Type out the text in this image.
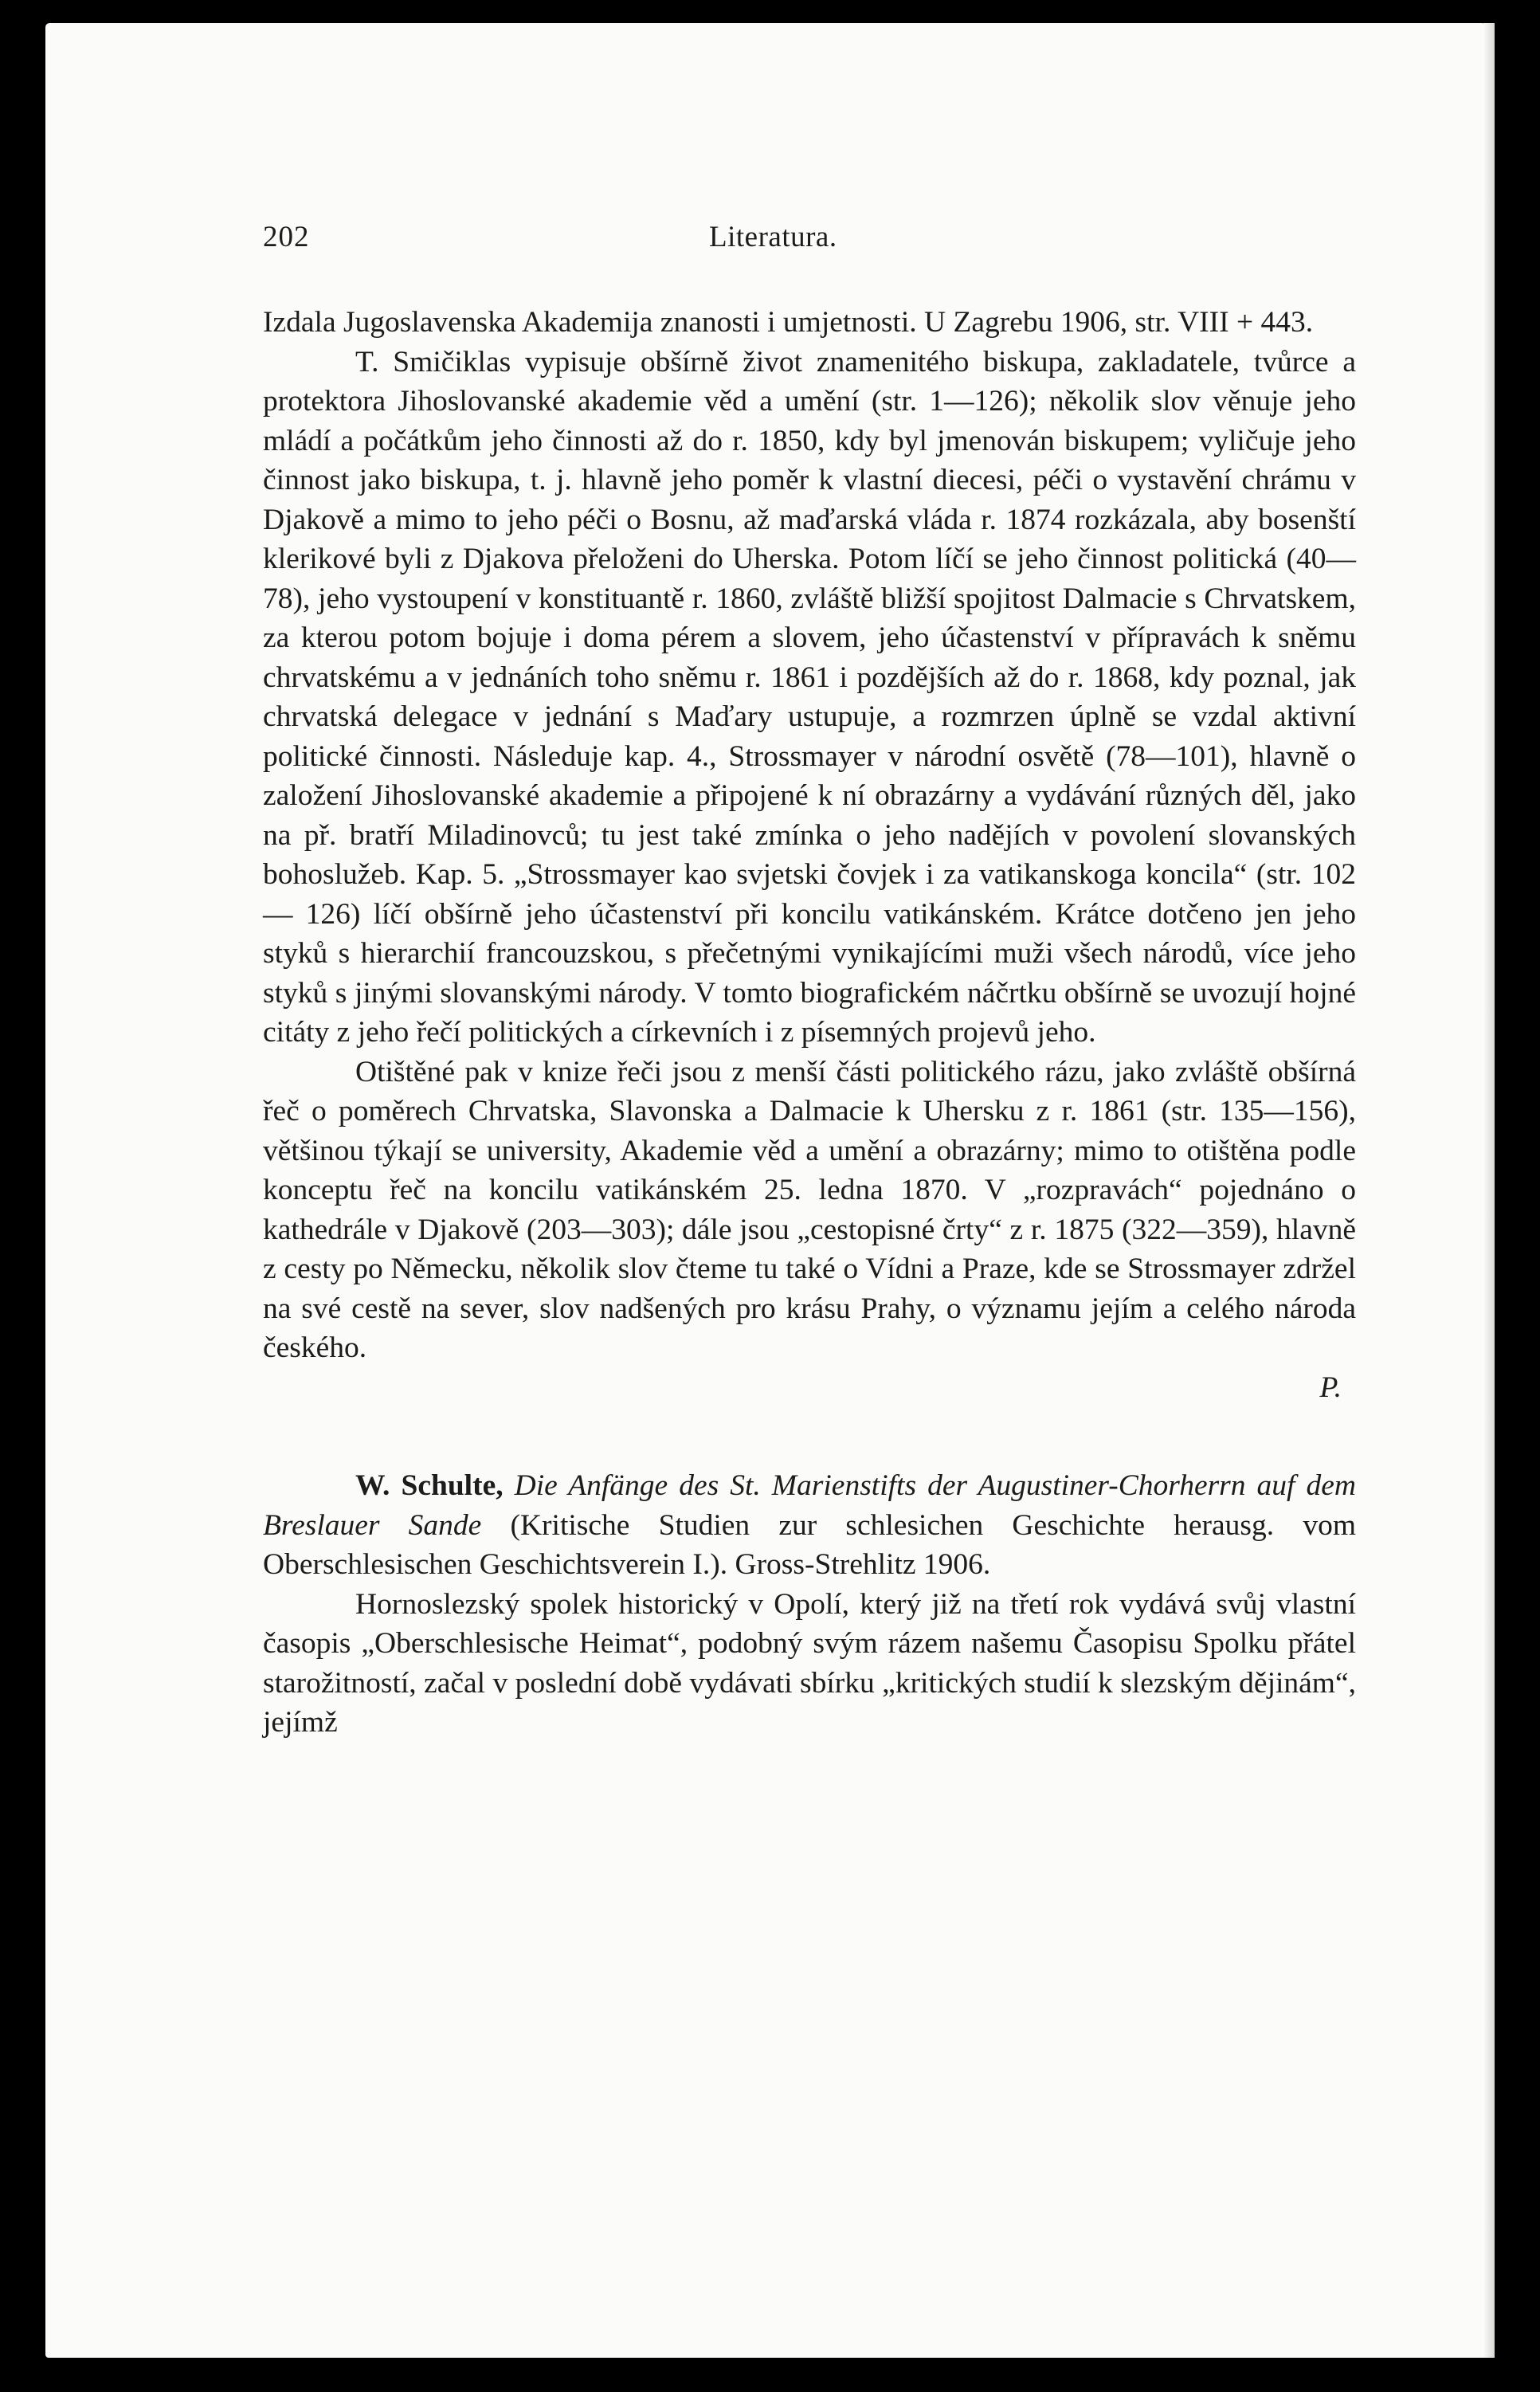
202	Literatura.

Izdala Jugoslavenska Akademija znanosti i umjetnosti. U Zagrebu 1906, str. VIII + 443.

T. Smičiklas vypisuje obšírně život znamenitého biskupa, zakladatele, tvůrce a protektora Jihoslovanské akademie věd a umění (str. 1—126); několik slov věnuje jeho mládí a počátkům jeho činnosti až do r. 1850, kdy byl jmenován biskupem; vyličuje jeho činnost jako biskupa, t. j. hlavně jeho poměr k vlastní diecesi, péči o vystavění chrámu v Djakově a mimo to jeho péči o Bosnu, až maďarská vláda r. 1874 rozkázala, aby bosenští klerikové byli z Djakova přeloženi do Uherska. Potom líčí se jeho činnost politická (40—78), jeho vystoupení v konstituantě r. 1860, zvláště bližší spojitost Dalmacie s Chrvatskem, za kterou potom bojuje i doma pérem a slovem, jeho účastenství v přípravách k sněmu chrvatskému a v jednáních toho sněmu r. 1861 i pozdějších až do r. 1868, kdy poznal, jak chrvatská delegace v jednání s Maďary ustupuje, a rozmrzen úplně se vzdal aktivní politické činnosti. Následuje kap. 4., Strossmayer v národní osvětě (78—101), hlavně o založení Jihoslovanské akademie a připojené k ní obrazárny a vydávání různých děl, jako na př. bratří Miladinovců; tu jest také zmínka o jeho nadějích v povolení slovanských bohoslužeb. Kap. 5. „Strossmayer kao svjetski čovjek i za vatikanskoga koncila“ (str. 102— 126) líčí obšírně jeho účastenství při koncilu vatikánském. Krátce dotčeno jen jeho styků s hierarchií francouzskou, s přečetnými vynikajícími muži všech národů, více jeho styků s jinými slovanskými národy. V tomto biografickém náčrtku obšírně se uvozují hojné citáty z jeho řečí politických a církevních i z písemných projevů jeho.

Otištěné pak v knize řeči jsou z menší části politického rázu, jako zvláště obšírná řeč o poměrech Chrvatska, Slavonska a Dalmacie k Uhersku z r. 1861 (str. 135—156), většinou týkají se university, Akademie věd a umění a obrazárny; mimo to otištěna podle konceptu řeč na koncilu vatikánském 25. ledna 1870. V „rozpravách“ pojednáno o kathedrále v Djakově (203—303); dále jsou „cestopisné črty“ z r. 1875 (322—359), hlavně z cesty po Německu, několik slov čteme tu také o Vídni a Praze, kde se Strossmayer zdržel na své cestě na sever, slov nadšených pro krásu Prahy, o významu jejím a celého národa českého.

P.

W. Schulte, Die Anfänge des St. Marienstifts der Augustiner-Chorherrn auf dem Breslauer Sande (Kritische Studien zur schlesichen Geschichte herausg. vom Oberschlesischen Geschichtsverein I.). Gross-Strehlitz 1906.

Hornoslezský spolek historický v Opolí, který již na třetí rok vydává svůj vlastní časopis „Oberschlesische Heimat“, podobný svým rázem našemu Časopisu Spolku přátel starožitností, začal v poslední době vydávati sbírku „kritických studií k slezským dějinám“, jejímž
